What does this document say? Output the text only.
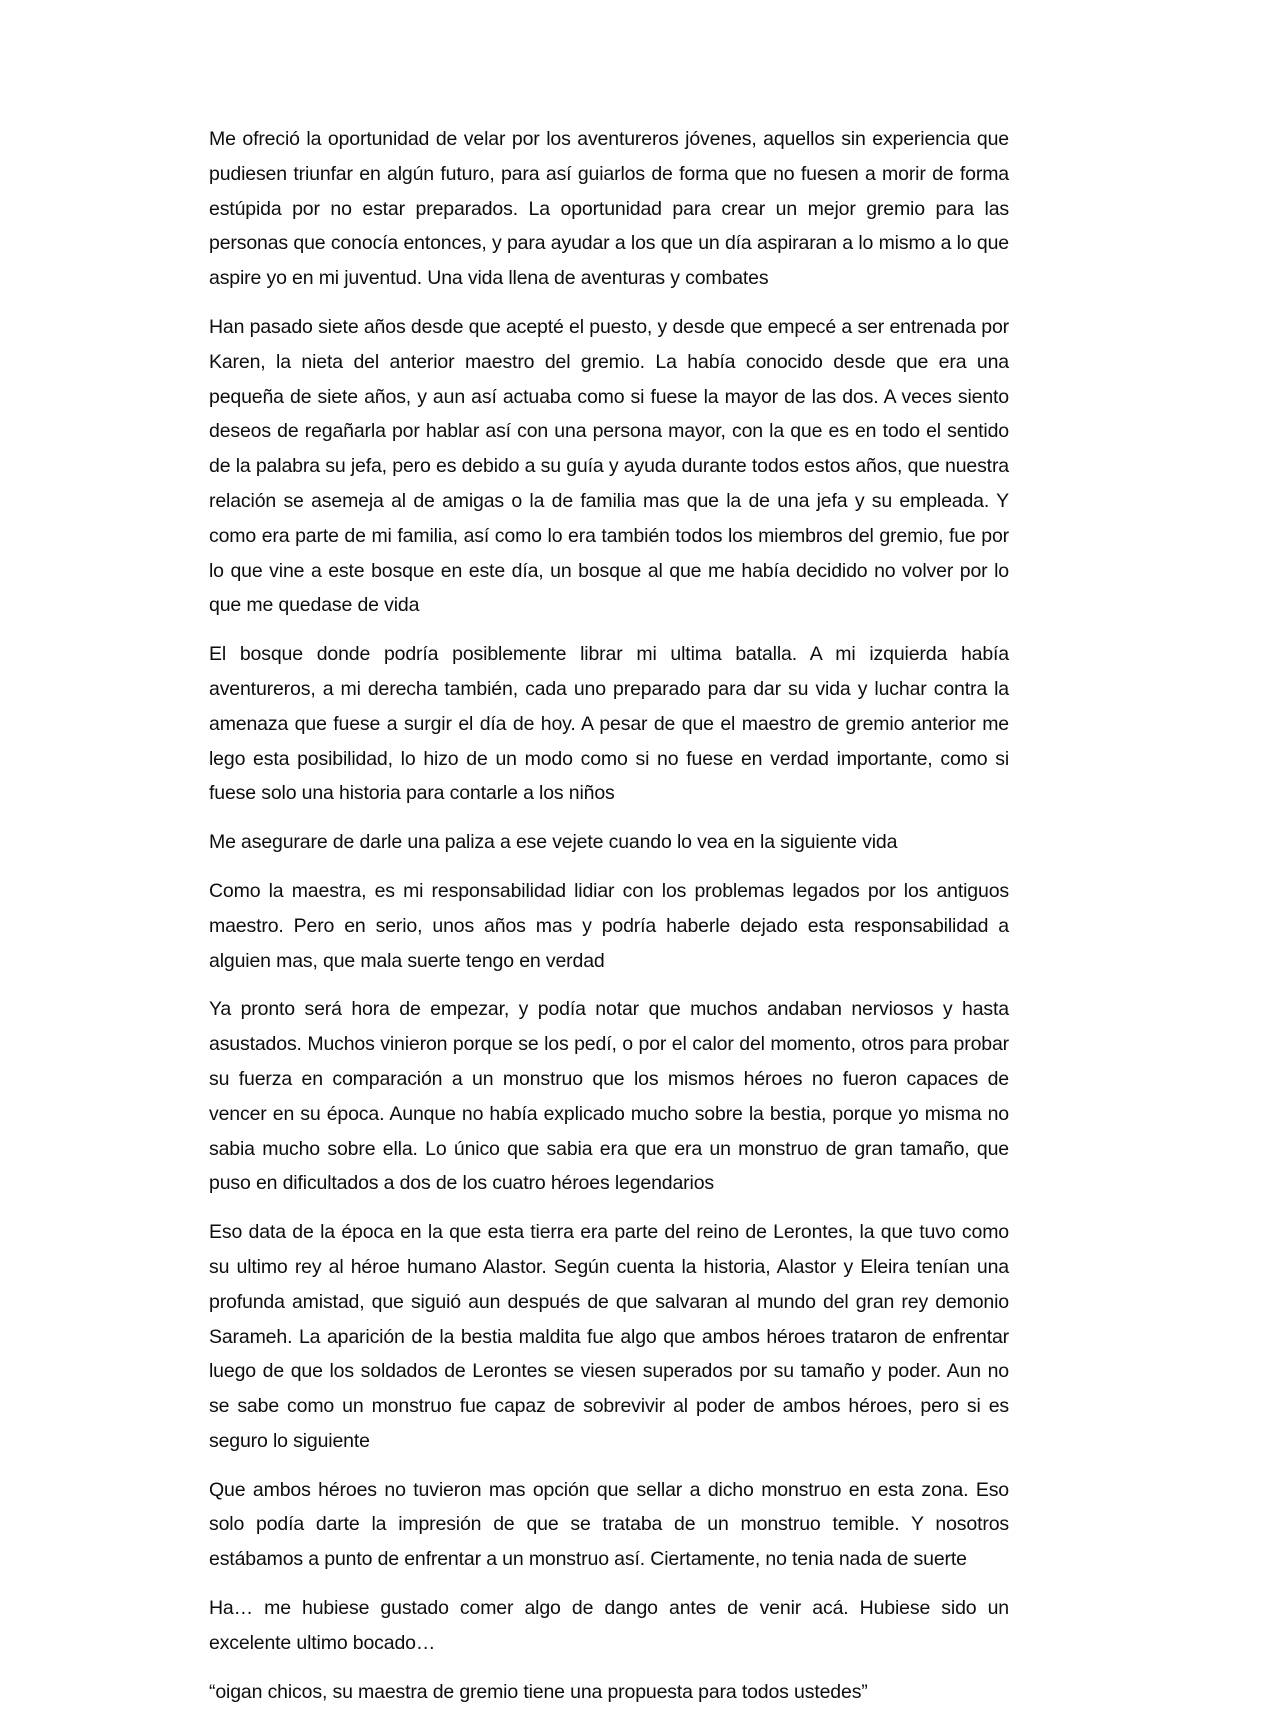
Me ofreció la oportunidad de velar por los aventureros jóvenes, aquellos sin experiencia que pudiesen triunfar en algún futuro, para así guiarlos de forma que no fuesen a morir de forma estúpida por no estar preparados. La oportunidad para crear un mejor gremio para las personas que conocía entonces, y para ayudar a los que un día aspiraran a lo mismo a lo que aspire yo en mi juventud. Una vida llena de aventuras y combates

Han pasado siete años desde que acepté el puesto, y desde que empecé a ser entrenada por Karen, la nieta del anterior maestro del gremio. La había conocido desde que era una pequeña de siete años, y aun así actuaba como si fuese la mayor de las dos. A veces siento deseos de regañarla por hablar así con una persona mayor, con la que es en todo el sentido de la palabra su jefa, pero es debido a su guía y ayuda durante todos estos años, que nuestra relación se asemeja al de amigas o la de familia mas que la de una jefa y su empleada. Y como era parte de mi familia, así como lo era también todos los miembros del gremio, fue por lo que vine a este bosque en este día, un bosque al que me había decidido no volver por lo que me quedase de vida

El bosque donde podría posiblemente librar mi ultima batalla. A mi izquierda había aventureros, a mi derecha también, cada uno preparado para dar su vida y luchar contra la amenaza que fuese a surgir el día de hoy. A pesar de que el maestro de gremio anterior me lego esta posibilidad, lo hizo de un modo como si no fuese en verdad importante, como si fuese solo una historia para contarle a los niños

Me asegurare de darle una paliza a ese vejete cuando lo vea en la siguiente vida

Como la maestra, es mi responsabilidad lidiar con los problemas legados por los antiguos maestro. Pero en serio, unos años mas y podría haberle dejado esta responsabilidad a alguien mas, que mala suerte tengo en verdad

Ya pronto será hora de empezar, y podía notar que muchos andaban nerviosos y hasta asustados. Muchos vinieron porque se los pedí, o por el calor del momento, otros para probar su fuerza en comparación a un monstruo que los mismos héroes no fueron capaces de vencer en su época. Aunque no había explicado mucho sobre la bestia, porque yo misma no sabia mucho sobre ella. Lo único que sabia era que era un monstruo de gran tamaño, que puso en dificultados a dos de los cuatro héroes legendarios

Eso data de la época en la que esta tierra era parte del reino de Lerontes, la que tuvo como su ultimo rey al héroe humano Alastor. Según cuenta la historia, Alastor y Eleira tenían una profunda amistad, que siguió aun después de que salvaran al mundo del gran rey demonio Sarameh. La aparición de la bestia maldita fue algo que ambos héroes trataron de enfrentar luego de que los soldados de Lerontes se viesen superados por su tamaño y poder. Aun no se sabe como un monstruo fue capaz de sobrevivir al poder de ambos héroes, pero si es seguro lo siguiente

Que ambos héroes no tuvieron mas opción que sellar a dicho monstruo en esta zona. Eso solo podía darte la impresión de que se trataba de un monstruo temible. Y nosotros estábamos a punto de enfrentar a un monstruo así. Ciertamente, no tenia nada de suerte

Ha… me hubiese gustado comer algo de dango antes de venir acá. Hubiese sido un excelente ultimo bocado…

“oigan chicos, su maestra de gremio tiene una propuesta para todos ustedes”
